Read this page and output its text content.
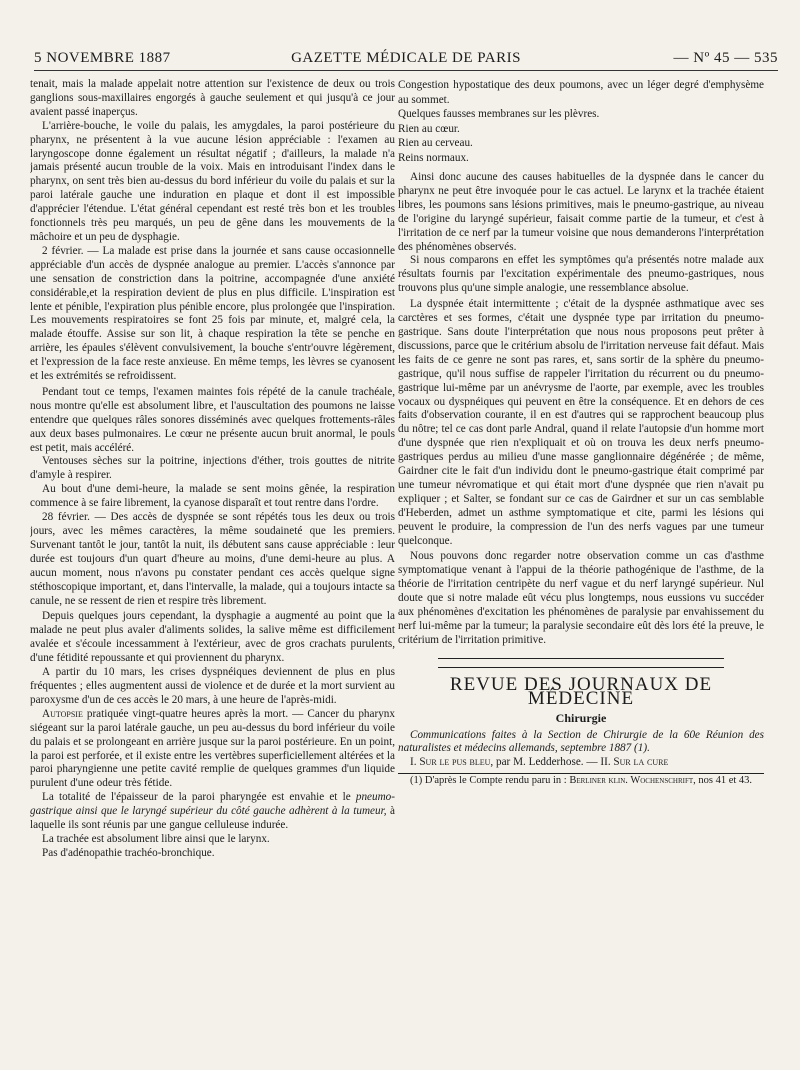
5 NOVEMBRE 1887	GAZETTE MÉDICALE DE PARIS	— Nº 45 — 535

tenait, mais la malade appelait notre attention sur l'existence de deux ou trois ganglions sous-maxillaires engorgés à gauche seulement et qui jusqu'à ce jour avaient passé inaperçus.

L'arrière-bouche, le voile du palais, les amygdales, la paroi postérieure du pharynx, ne présentent à la vue aucune lésion appréciable : l'examen au laryngoscope donne également un résultat négatif ; d'ailleurs, la malade n'a jamais présenté aucun trouble de la voix. Mais en introduisant l'index dans le pharynx, on sent très bien au-dessus du bord inférieur du voile du palais et sur la paroi latérale gauche une induration en plaque et dont il est impossible d'apprécier l'étendue. L'état général cependant est resté très bon et les troubles fonctionnels très peu marqués, un peu de gêne dans les mouvements de la mâchoire et un peu de dysphagie.

2 février. — La malade est prise dans la journée et sans cause occasionnelle appréciable d'un accès de dyspnée analogue au premier. L'accès s'annonce par une sensation de constriction dans la poitrine, accompagnée d'une anxiété considérable,et la respiration devient de plus en plus difficile. L'inspiration est lente et pénible, l'expiration plus pénible encore, plus prolongée que l'inspiration. Les mouvements respiratoires se font 25 fois par minute, et, malgré cela, la malade étouffe. Assise sur son lit, à chaque respiration la tête se penche en arrière, les épaules s'élèvent convulsivement, la bouche s'entr'ouvre légèrement, et l'expression de la face reste anxieuse. En même temps, les lèvres se cyanosent et les extrémités se refroidissent.

Pendant tout ce temps, l'examen maintes fois répété de la canule trachéale, nous montre qu'elle est absolument libre, et l'auscultation des poumons ne laisse entendre que quelques râles sonores disséminés avec quelques frottements-râles aux deux bases pulmonaires. Le cœur ne présente aucun bruit anormal, le pouls est petit, mais accéléré.

Ventouses sèches sur la poitrine, injections d'éther, trois gouttes de nitrite d'amyle à respirer.

Au bout d'une demi-heure, la malade se sent moins gênée, la respiration commence à se faire librement, la cyanose disparaît et tout rentre dans l'ordre.

28 février. — Des accès de dyspnée se sont répétés tous les deux ou trois jours, avec les mêmes caractères, la même soudaineté que les premiers. Survenant tantôt le jour, tantôt la nuit, ils débutent sans cause appréciable : leur durée est toujours d'un quart d'heure au moins, d'une demi-heure au plus. A aucun moment, nous n'avons pu constater pendant ces accès quelque signe stéthoscopique important, et, dans l'intervalle, la malade, qui a toujours intacte sa canule, ne se ressent de rien et respire très librement.

Depuis quelques jours cependant, la dysphagie a augmenté au point que la malade ne peut plus avaler d'aliments solides, la salive même est difficilement avalée et s'écoule incessamment à l'extérieur, avec de gros crachats purulents, d'une fétidité repoussante et qui proviennent du pharynx.

A partir du 10 mars, les crises dyspnéiques deviennent de plus en plus fréquentes ; elles augmentent aussi de violence et de durée et la mort survient au paroxysme d'un de ces accès le 20 mars, à une heure de l'après-midi.

Autopsie pratiquée vingt-quatre heures après la mort. — Cancer du pharynx siégeant sur la paroi latérale gauche, un peu au-dessus du bord inférieur du voile du palais et se prolongeant en arrière jusque sur la paroi postérieure. En un point, la paroi est perforée, et il existe entre les vertèbres superficiellement altérées et la paroi pharyngienne une petite cavité remplie de quelques grammes d'un liquide purulent d'une odeur très fétide.

La totalité de l'épaisseur de la paroi pharyngée est envahie et le pneumo-gastrique ainsi que le laryngé supérieur du côté gauche adhèrent à la tumeur, à laquelle ils sont réunis par une gangue celluleuse indurée.

La trachée est absolument libre ainsi que le larynx.

Pas d'adénopathie trachéo-bronchique.

Congestion hypostatique des deux poumons, avec un léger degré d'emphysème au sommet.

Quelques fausses membranes sur les plèvres.

Rien au cœur.

Rien au cerveau.

Reins normaux.

Ainsi donc aucune des causes habituelles de la dyspnée dans le cancer du pharynx ne peut être invoquée pour le cas actuel. Le larynx et la trachée étaient libres, les poumons sans lésions primitives, mais le pneumo-gastrique, au niveau de l'origine du laryngé supérieur, faisait comme partie de la tumeur, et c'est à l'irritation de ce nerf par la tumeur voisine que nous demanderons l'interprétation des phénomènes observés.

Si nous comparons en effet les symptômes qu'a présentés notre malade aux résultats fournis par l'excitation expérimentale des pneumo-gastriques, nous trouvons plus qu'une simple analogie, une ressemblance absolue.

La dyspnée était intermittente ; c'était de la dyspnée asthmatique avec ses carctères et ses formes, c'était une dyspnée type par irritation du pneumo-gastrique. Sans doute l'interprétation que nous nous proposons peut prêter à discussions, parce que le critérium absolu de l'irritation nerveuse fait défaut. Mais les faits de ce genre ne sont pas rares, et, sans sortir de la sphère du pneumo-gastrique, qu'il nous suffise de rappeler l'irritation du récurrent ou du pneumo-gastrique lui-même par un anévrysme de l'aorte, par exemple, avec les troubles vocaux ou dyspnéiques qui peuvent en être la conséquence. Et en dehors de ces faits d'observation courante, il en est d'autres qui se rapprochent beaucoup plus du nôtre; tel ce cas dont parle Andral, quand il relate l'autopsie d'un homme mort d'une dyspnée que rien n'expliquait et où on trouva les deux nerfs pneumo-gastriques perdus au milieu d'une masse ganglionnaire dégénérée ; de même, Gairdner cite le fait d'un individu dont le pneumo-gastrique était comprimé par une tumeur névromatique et qui était mort d'une dyspnée que rien n'avait pu expliquer ; et Salter, se fondant sur ce cas de Gairdner et sur un cas semblable d'Heberden, admet un asthme symptomatique et cite, parmi les lésions qui peuvent le produire, la compression de l'un des nerfs vagues par une tumeur quelconque.

Nous pouvons donc regarder notre observation comme un cas d'asthme symptomatique venant à l'appui de la théorie pathogénique de l'asthme, de la théorie de l'irritation centripète du nerf vague et du nerf laryngé supérieur. Nul doute que si notre malade eût vécu plus longtemps, nous eussions vu succéder aux phénomènes d'excitation les phénomènes de paralysie par envahissement du nerf lui-même par la tumeur; la paralysie secondaire eût dès lors été la preuve, le critérium de l'irritation primitive.

REVUE DES JOURNAUX DE MÉDECINE
Chirurgie

Communications faites à la Section de Chirurgie de la 60e Réunion des naturalistes et médecins allemands, septembre 1887 (1).

I. Sur le pus bleu, par M. Ledderhose. — II. Sur la cure

(1) D'après le Compte rendu paru in : Berliner klin. Wochenschrift, nos 41 et 43.
